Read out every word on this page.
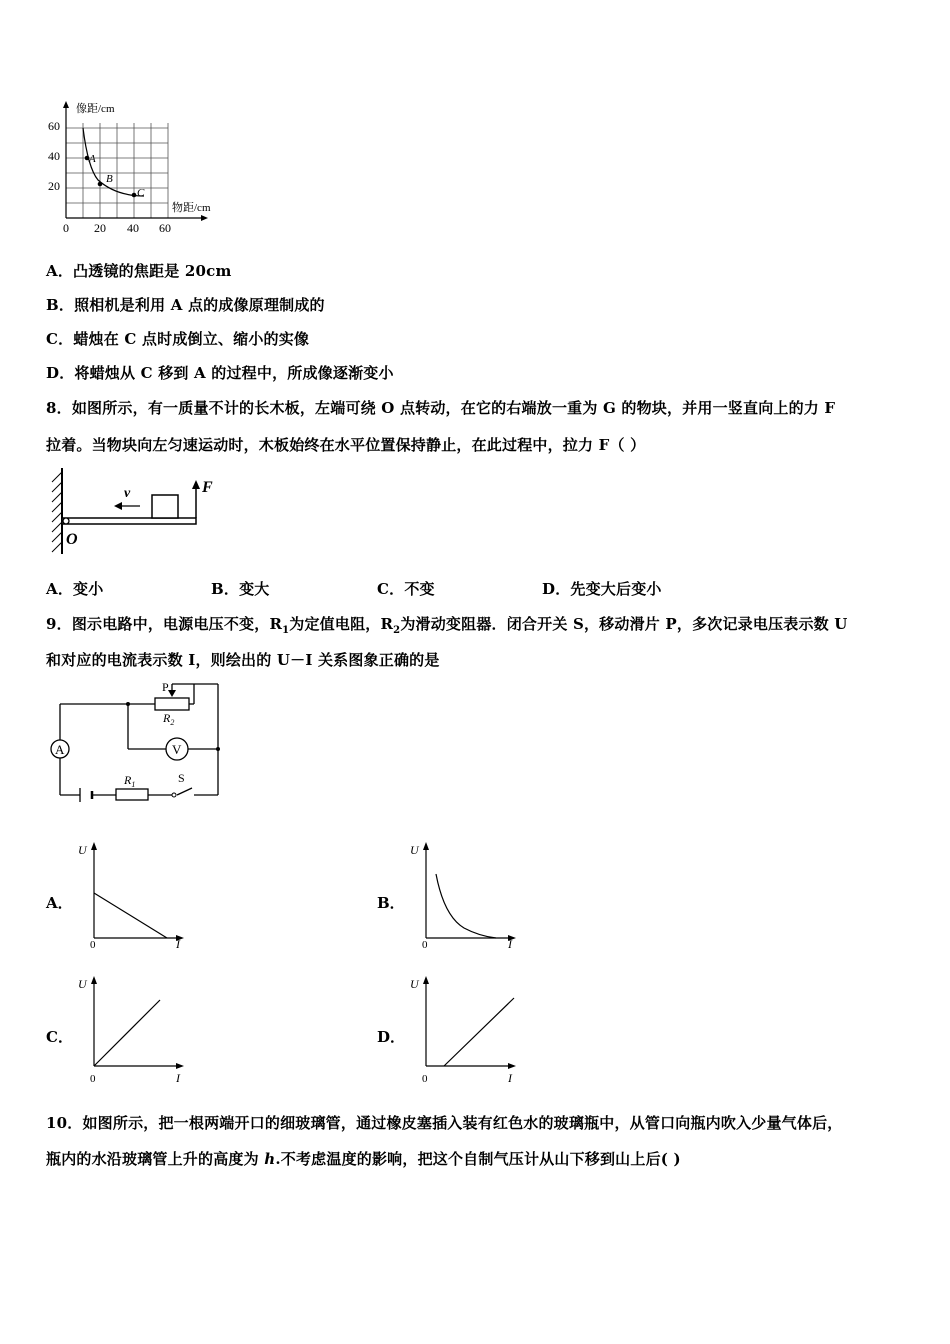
像距/cm
物距/cm
60
40
20
0 20 40 60
A
B
C
A．凸透镜的焦距是 20cm
B．照相机是利用 A 点的成像原理制成的
C．蜡烛在 C 点时成倒立、缩小的实像
D．将蜡烛从 C 移到 A 的过程中，所成像逐渐变小
8．如图所示，有一质量不计的长木板，左端可绕 O 点转动，在它的右端放一重为 G 的物块，并用一竖直向上的力 F
拉着。当物块向左匀速运动时，木板始终在水平位置保持静止，在此过程中，拉力 F（ ）
v	F
O
A．变小	B．变大	C．不变	D．先变大后变小
9．图示电路中，电源电压不变，$R_1$为定值电阻，$R_2$为滑动变阻器．闭合开关 S，移动滑片 P，多次记录电压表示数 U
和对应的电流表示数 I，则绘出的 U－I 关系图象正确的是
A	V
P
$R_2$
$R_1$	S
A．
U
0	I
B．
U
0	I
C．
U
0	I
D．
U
0	I
10．如图所示，把一根两端开口的细玻璃管，通过橡皮塞插入装有红色水的玻璃瓶中，从管口向瓶内吹入少量气体后，
瓶内的水沿玻璃管上升的高度为 h.不考虑温度的影响，把这个自制气压计从山下移到山上后( )
